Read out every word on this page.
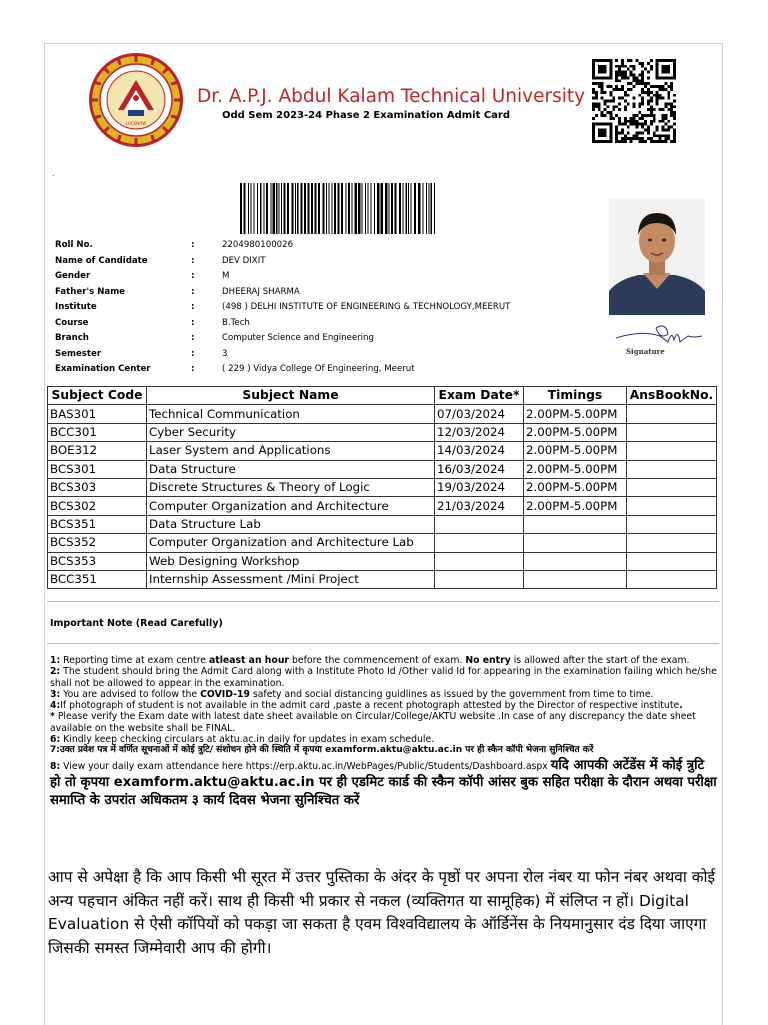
LUCKNOW
Dr. A.P.J. Abdul Kalam Technical University
Odd Sem 2023-24 Phase 2 Examination Admit Card
.
Signature
Roll No.	:	2204980100026
Name of Candidate	:	DEV DIXIT
Gender	:	M
Father's Name	:	DHEERAJ SHARMA
Institute	:	(498 ) DELHI INSTITUTE OF ENGINEERING & TECHNOLOGY,MEERUT
Course	:	B.Tech
Branch	:	Computer Science and Engineering
Semester	:	3
Examination Center	:	( 229 ) Vidya College Of Engineering, Meerut
Subject Code	Subject Name	Exam Date*	Timings	AnsBookNo.
BAS301	Technical Communication	07/03/2024	2.00PM-5.00PM	
BCC301	Cyber Security	12/03/2024	2.00PM-5.00PM	
BOE312	Laser System and Applications	14/03/2024	2.00PM-5.00PM	
BCS301	Data Structure	16/03/2024	2.00PM-5.00PM	
BCS303	Discrete Structures & Theory of Logic	19/03/2024	2.00PM-5.00PM	
BCS302	Computer Organization and Architecture	21/03/2024	2.00PM-5.00PM	
BCS351	Data Structure Lab			
BCS352	Computer Organization and Architecture Lab			
BCS353	Web Designing Workshop			
BCC351	Internship Assessment /Mini Project			
Important Note (Read Carefully)

1: Reporting time at exam centre atleast an hour before the commencement of exam. No entry is allowed after the start of the exam.

2: The student should bring the Admit Card along with a Institute Photo Id /Other valid Id for appearing in the examination failing which he/she shall not be allowed to appear in the examination.

3: You are advised to follow the COVID-19 safety and social distancing guidlines as issued by the government from time to time.

4:If photograph of student is not available in the admit card ,paste a recent photograph attested by the Director of respective institute.

* Please verify the Exam date with latest date sheet available on Circular/College/AKTU website .In case of any discrepancy the date sheet available on the website shall be FINAL.

6: Kindly keep checking circulars at aktu.ac.in daily for updates in exam schedule.

7:उक्त प्रवेश पत्र में वर्णित सूचनाओं में कोई त्रुटि/ संशोधन होने की स्थिति में कृपया examform.aktu@aktu.ac.in पर ही स्कैन कॉपी भेजना सुनिश्चित करें

8: View your daily exam attendance here https://erp.aktu.ac.in/WebPages/Public/Students/Dashboard.aspx यदि आपकी अटेंडेंस में कोई त्रुटि हो तो कृपया examform.aktu@aktu.ac.in पर ही एडमिट कार्ड की स्कैन कॉपी आंसर बुक सहित परीक्षा के दौरान अथवा परीक्षा समाप्ति के उपरांत अधिकतम ३ कार्य दिवस भेजना सुनिश्चित करें

आप से अपेक्षा है कि आप किसी भी सूरत में उत्तर पुस्तिका के अंदर के पृष्ठों पर अपना रोल नंबर या फोन नंबर अथवा कोई अन्य पहचान अंकित नहीं करें। साथ ही किसी भी प्रकार से नकल (व्यक्तिगत या सामूहिक) में संलिप्त न हों। Digital Evaluation से ऐसी कॉपियों को पकड़ा जा सकता है एवम विश्वविद्यालय के ऑर्डिनेंस के नियमानुसार दंड दिया जाएगा जिसकी समस्त जिम्मेवारी आप की होगी।
